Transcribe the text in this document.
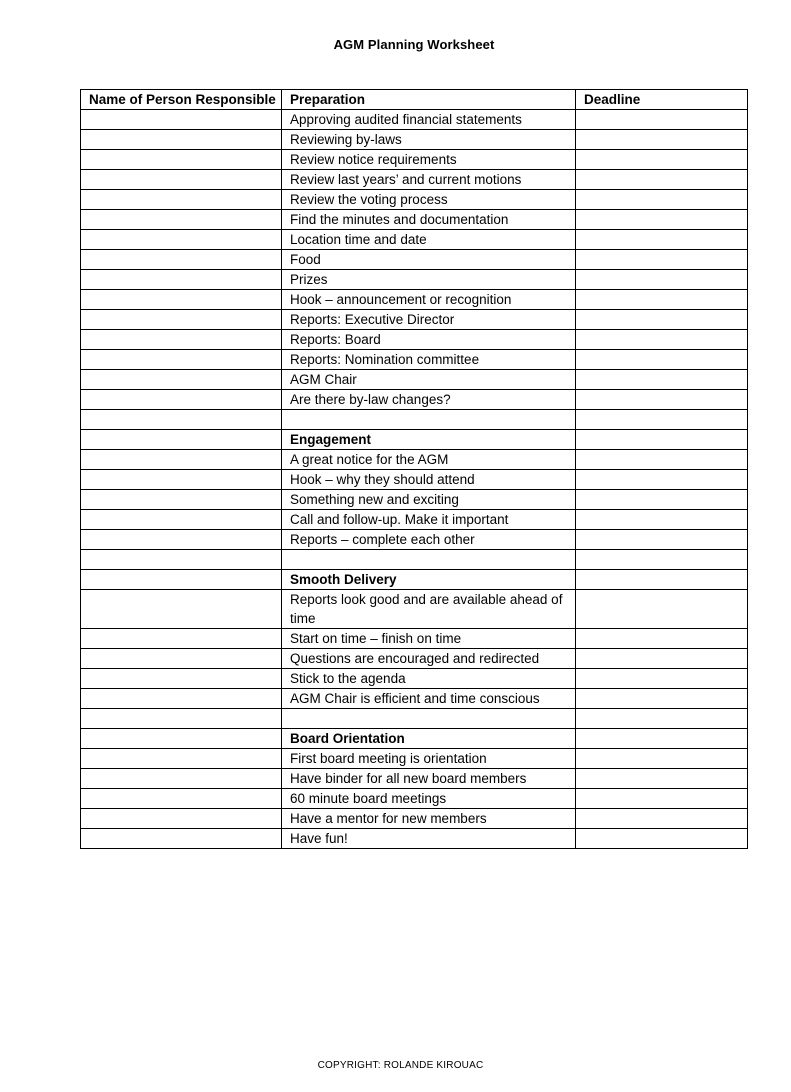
AGM Planning Worksheet
Name of Person Responsible	Preparation	Deadline
	Approving audited financial statements	
	Reviewing by-laws	
	Review notice requirements	
	Review last years’ and current motions	
	Review the voting process	
	Find the minutes and documentation	
	Location time and date	
	Food	
	Prizes	
	Hook – announcement or recognition	
	Reports: Executive Director	
	Reports: Board	
	Reports: Nomination committee	
	AGM Chair	
	Are there by-law changes?	

	Engagement	
	A great notice for the AGM	
	Hook – why they should attend	
	Something new and exciting	
	Call and follow-up. Make it important	
	Reports – complete each other	

	Smooth Delivery	
	Reports look good and are available ahead of time	
	Start on time – finish on time	
	Questions are encouraged and redirected	
	Stick to the agenda	
	AGM Chair is efficient and time conscious	

	Board Orientation	
	First board meeting is orientation	
	Have binder for all new board members	
	60 minute board meetings	
	Have a mentor for new members	
	Have fun!	
COPYRIGHT: ROLANDE KIROUAC
